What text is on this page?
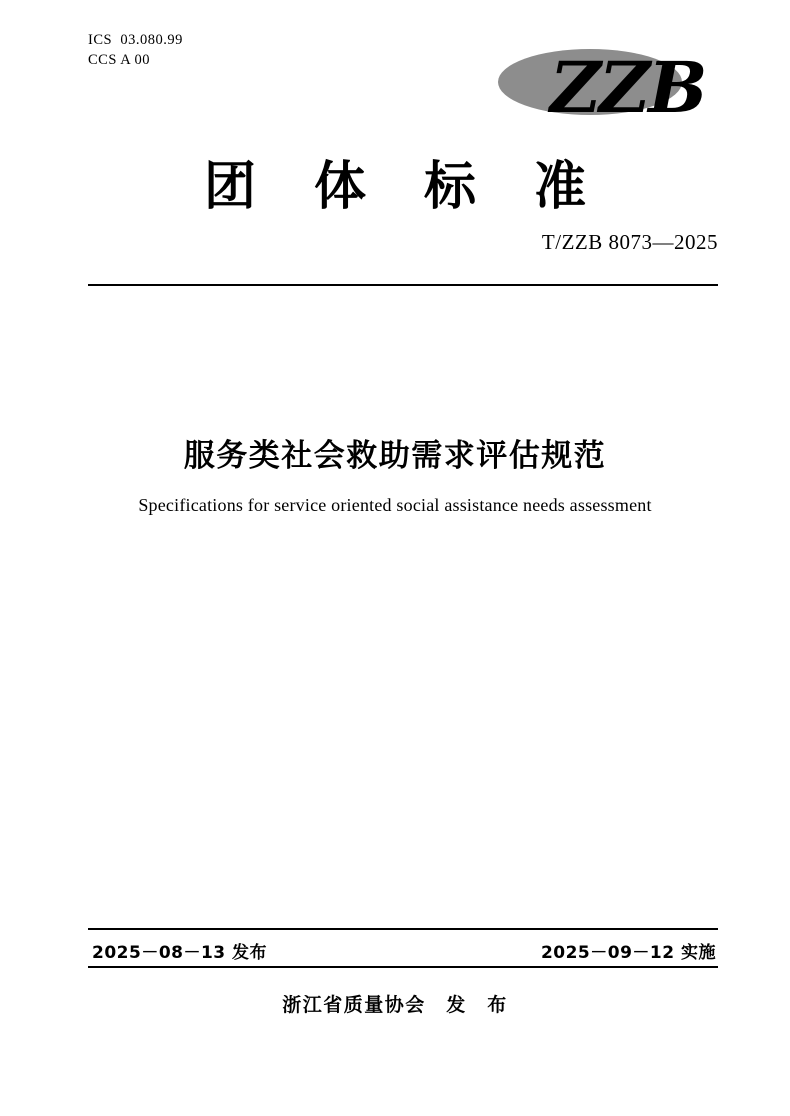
ICS  03.080.99
CCS A 00	ZZB
团体标准
T/ZZB 8073—2025
服务类社会救助需求评估规范
Specifications for service oriented social assistance needs assessment
2025－08－13 发布	2025－09－12 实施
浙江省质量协会　发　布
